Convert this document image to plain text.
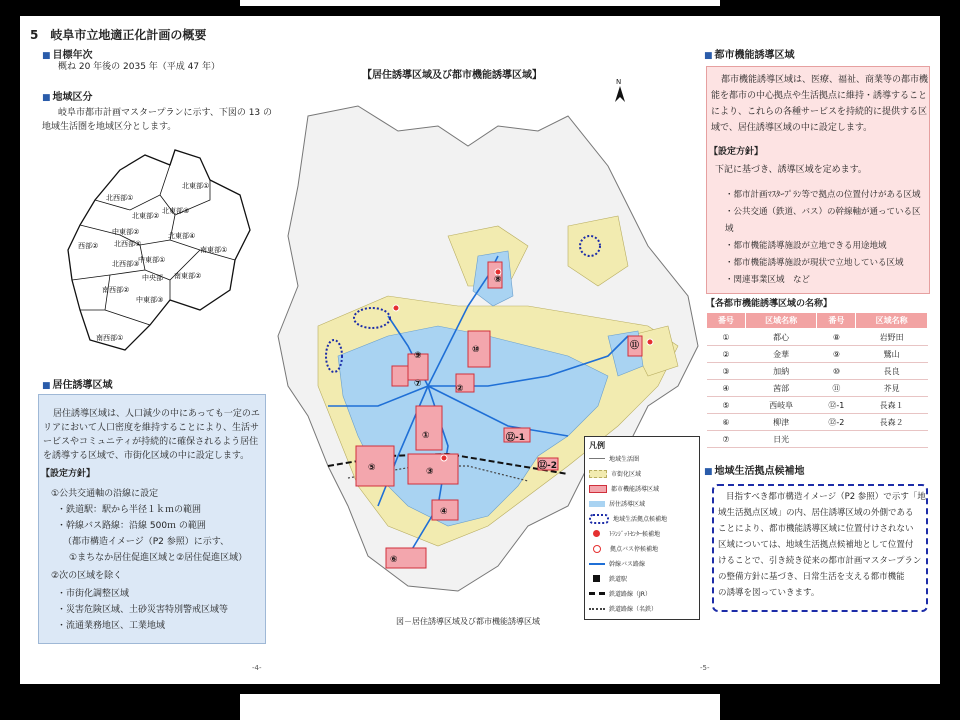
5　岐阜市立地適正化計画の概要
■ 目標年次
概ね 20 年後の 2035 年（平成 47 年）
■ 地域区分
岐阜市都市計画マスタープランに示す、下図の 13 の
地域生活圏を地域区分とします。
北西部①
北東部①
北東部②
北東部③
北東部④
西部② 北西部②
中東部②
中東部①
南東部②
南東部①
北西部③
南西部②
中央部
中東部③
南西部①
■ 居住誘導区域
居住誘導区域は、人口減少の中にあっても一定のエ
リアにおいて人口密度を維持することにより、生活サ
ービスやコミュニティが持続的に確保されるよう居住
を誘導する区域で、市街化区域の中に設定します。
【設定方針】
①公共交通軸の沿線に設定
・鉄道駅：駅から半径１ｋｍの範囲
・幹線バス路線：沿線 500ｍ の範囲
（都市構造イメージ（P2 参照）に示す、
①まちなか居住促進区域と②居住促進区域）
②次の区域を除く
・市街化調整区域
・災害危険区域、土砂災害特別警戒区域等
・流通業務地区、工業地域
-4-
【居住誘導区域及び都市機能誘導区域】
N
⑧
⑨
⑩
⑦	②
①
⑪
⑫-1
⑫-2
⑤	③
④
⑥
凡例
地域生活圏
市街化区域
都市機能誘導区域
居住誘導区域
地域生活拠点候補地
ﾄﾗﾝｼﾞｯﾄｾﾝﾀｰ候補地
拠点バス停候補地
幹線バス路線
鉄道駅
鉄道路線（JR）
鉄道路線（名鉄）
図－居住誘導区域及び都市機能誘導区域
■ 都市機能誘導区域
都市機能誘導区域は、医療、福祉、商業等の都市機
能を都市の中心拠点や生活拠点に維持・誘導すること
により、これらの各種サービスを持続的に提供する区
域で、居住誘導区域の中に設定します。
【設定方針】
下記に基づき、誘導区域を定めます。
・都市計画ﾏｽﾀｰﾌﾟﾗﾝ等で拠点の位置付けがある区域
・公共交通（鉄道、バス）の幹線軸が通っている区域
・都市機能誘導施設が立地できる用途地域
・都市機能誘導施設が現状で立地している区域
・関連事業区域　など
【各都市機能誘導区域の名称】
番号	区域名称	番号	区域名称
①	都心	⑧	岩野田
②	金華	⑨	鷺山
③	加納	⑩	長良
④	茜部	⑪	芥見
⑤	西岐阜	⑫-1	長森１
⑥	柳津	⑫-2	長森２
⑦	日光		
■ 地域生活拠点候補地
目指すべき都市構造イメージ（P2 参照）で示す「地
域生活拠点区域」の内、居住誘導区域の外側である
ことにより、都市機能誘導区域に位置付けされない
区域については、地域生活拠点候補地として位置付
けることで、引き続き従来の都市計画マスタープラン
の整備方針に基づき、日常生活を支える都市機能
の誘導を図っていきます。
-5-
